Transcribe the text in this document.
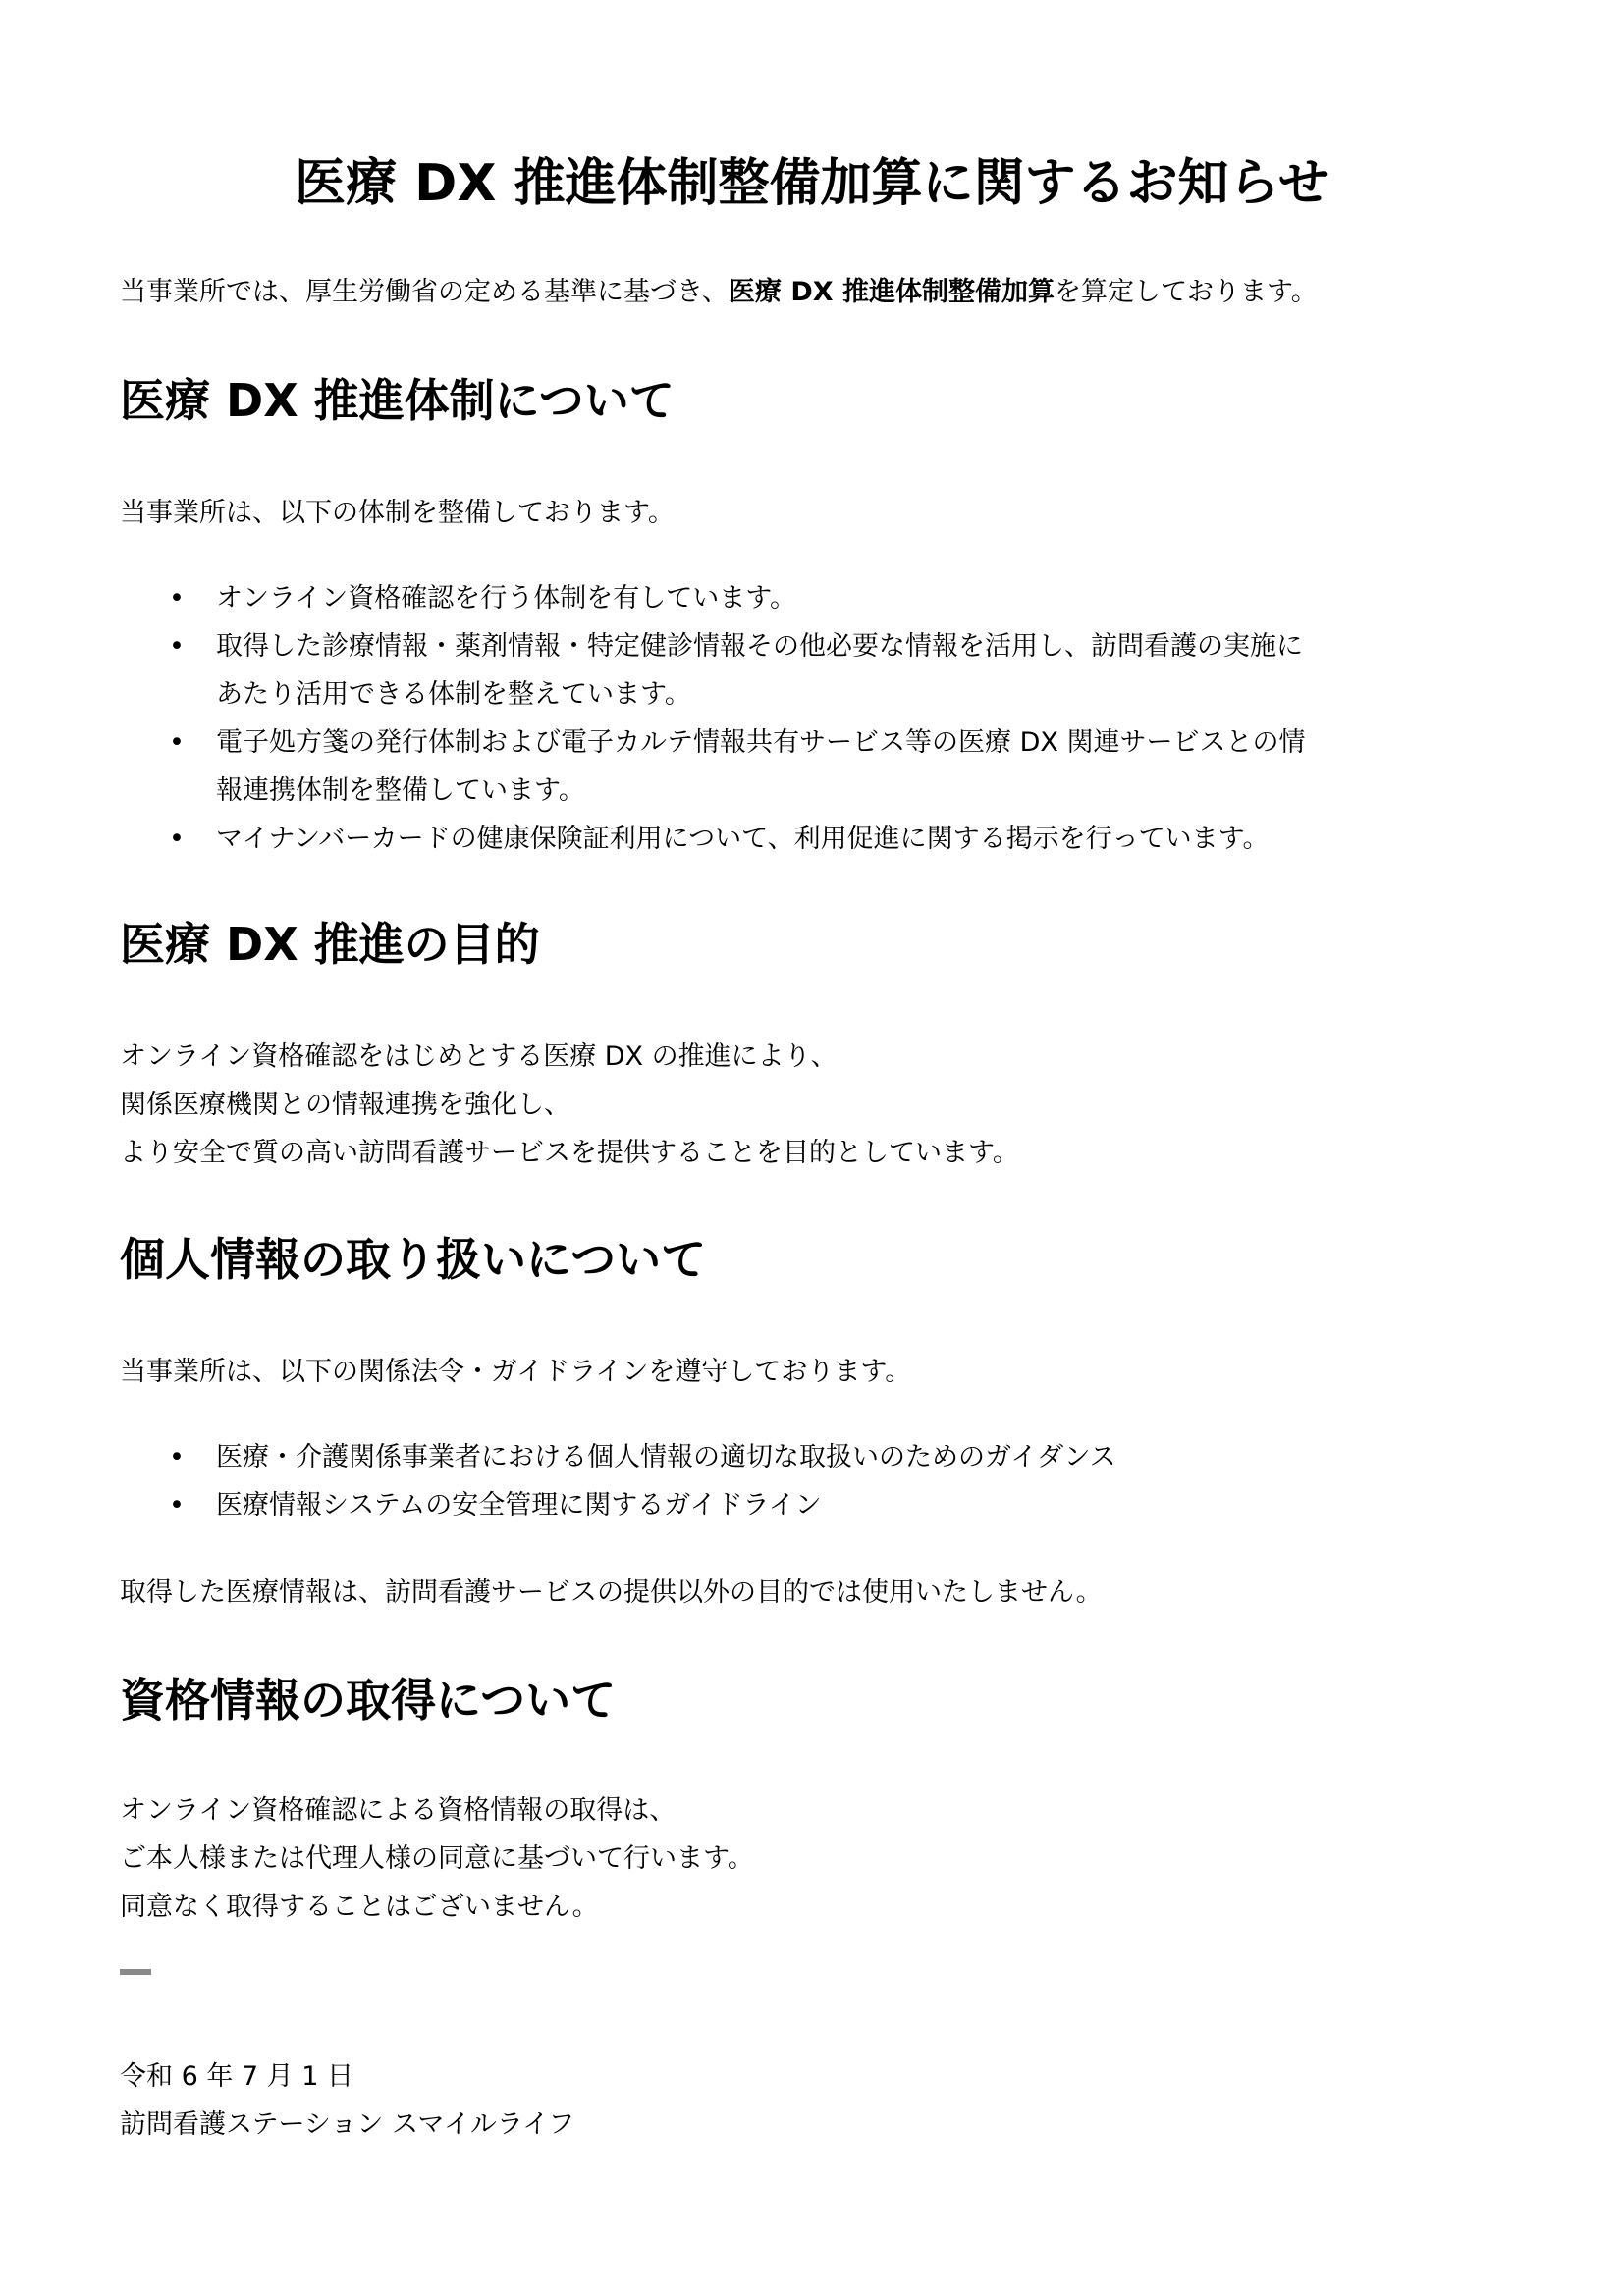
医療 DX 推進体制整備加算に関するお知らせ

当事業所では、厚生労働省の定める基準に基づき、医療 DX 推進体制整備加算を算定しております。

医療 DX 推進体制について

当事業所は、以下の体制を整備しております。

• オンライン資格確認を行う体制を有しています。
• 取得した診療情報・薬剤情報・特定健診情報その他必要な情報を活用し、訪問看護の実施に
あたり活用できる体制を整えています。
• 電子処方箋の発行体制および電子カルテ情報共有サービス等の医療 DX 関連サービスとの情
報連携体制を整備しています。
• マイナンバーカードの健康保険証利用について、利用促進に関する掲示を行っています。
医療 DX 推進の目的

オンライン資格確認をはじめとする医療 DX の推進により、

関係医療機関との情報連携を強化し、

より安全で質の高い訪問看護サービスを提供することを目的としています。

個人情報の取り扱いについて

当事業所は、以下の関係法令・ガイドラインを遵守しております。

• 医療・介護関係事業者における個人情報の適切な取扱いのためのガイダンス
• 医療情報システムの安全管理に関するガイドライン

取得した医療情報は、訪問看護サービスの提供以外の目的では使用いたしません。

資格情報の取得について

オンライン資格確認による資格情報の取得は、

ご本人様または代理人様の同意に基づいて行います。

同意なく取得することはございません。

令和 6 年 7 月 1 日

訪問看護ステーション スマイルライフ
